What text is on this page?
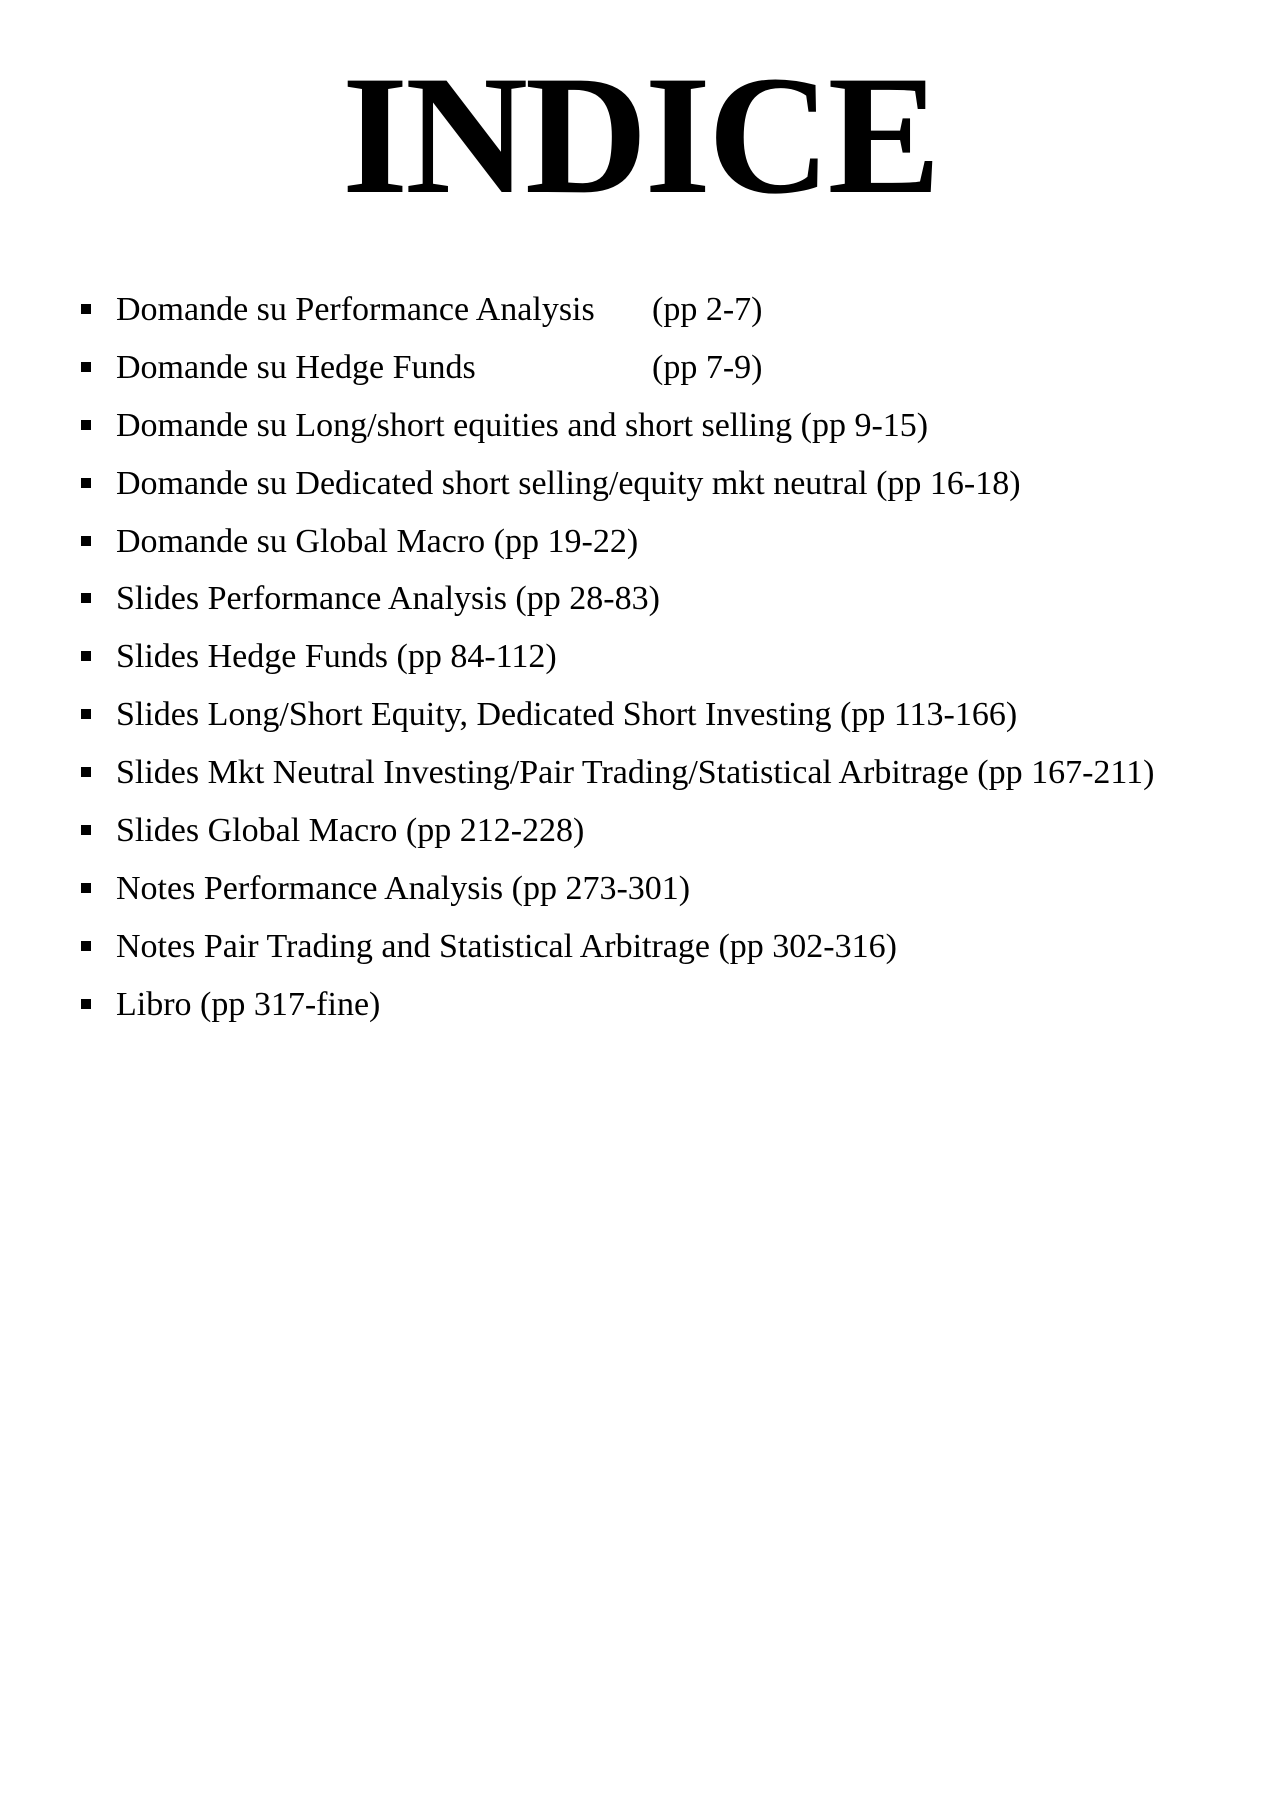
INDICE
Domande su Performance Analysis (pp 2-7)
Domande su Hedge Funds	(pp 7-9)
Domande su Long/short equities and short selling (pp 9-15)
Domande su Dedicated short selling/equity mkt neutral (pp 16-18)
Domande su Global Macro (pp 19-22)
Slides Performance Analysis (pp 28-83)
Slides Hedge Funds (pp 84-112)
Slides Long/Short Equity, Dedicated Short Investing (pp 113-166)
Slides Mkt Neutral Investing/Pair Trading/Statistical Arbitrage (pp 167-211)
Slides Global Macro (pp 212-228)
Notes Performance Analysis (pp 273-301)
Notes Pair Trading and Statistical Arbitrage (pp 302-316)
Libro (pp 317-fine)
